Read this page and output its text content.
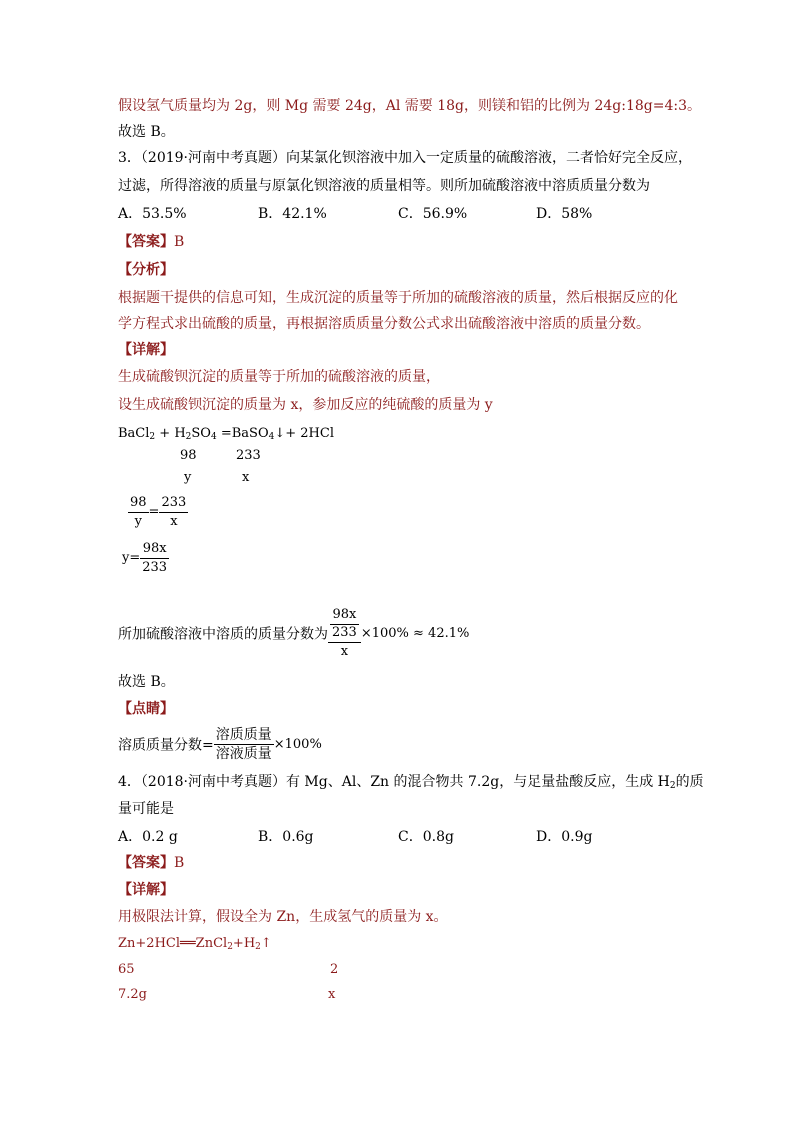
假设氢气质量均为 2g，则 Mg 需要 24g，Al 需要 18g，则镁和铝的比例为 24g:18g=4:3。
故选 B。
3．（2019·河南中考真题）向某氯化钡溶液中加入一定质量的硫酸溶液，二者恰好完全反应，
过滤，所得溶液的质量与原氯化钡溶液的质量相等。则所加硫酸溶液中溶质质量分数为
A．53.5%	B．42.1%	C．56.9%	D．58%
【答案】B
【分析】
根据题干提供的信息可知，生成沉淀的质量等于所加的硫酸溶液的质量，然后根据反应的化
学方程式求出硫酸的质量，再根据溶质质量分数公式求出硫酸溶液中溶质的质量分数。
【详解】
生成硫酸钡沉淀的质量等于所加的硫酸溶液的质量，
设生成硫酸钡沉淀的质量为 x，参加反应的纯硫酸的质量为 y
BaCl$_2$ + $H_2SO_4$ =BaSO$_4$↓+ 2HCl
98	233
y	x
$\frac{98}{y} = \frac{233}{x}$
$y= \frac{98x}{233}$
所加硫酸溶液中溶质的质量分数为 $\frac{\frac{98x}{233}}{x} \times 100\% \approx 42.1\%$
故选 B。
【点睛】
溶质质量分数= $\frac{\text{溶质质量}}{\text{溶液质量}} \times 100\%$
4．（2018·河南中考真题）有 Mg、Al、Zn 的混合物共 7.2g，与足量盐酸反应，生成 $H_2$的质
量可能是
A．0.2 g	B．0.6g	C．0.8g	D．0.9g
【答案】B
【详解】
用极限法计算，假设全为 Zn，生成氢气的质量为 x。
$Zn+2HCl══ZnCl_2+H_2↑$
65	2
7.2g	x
